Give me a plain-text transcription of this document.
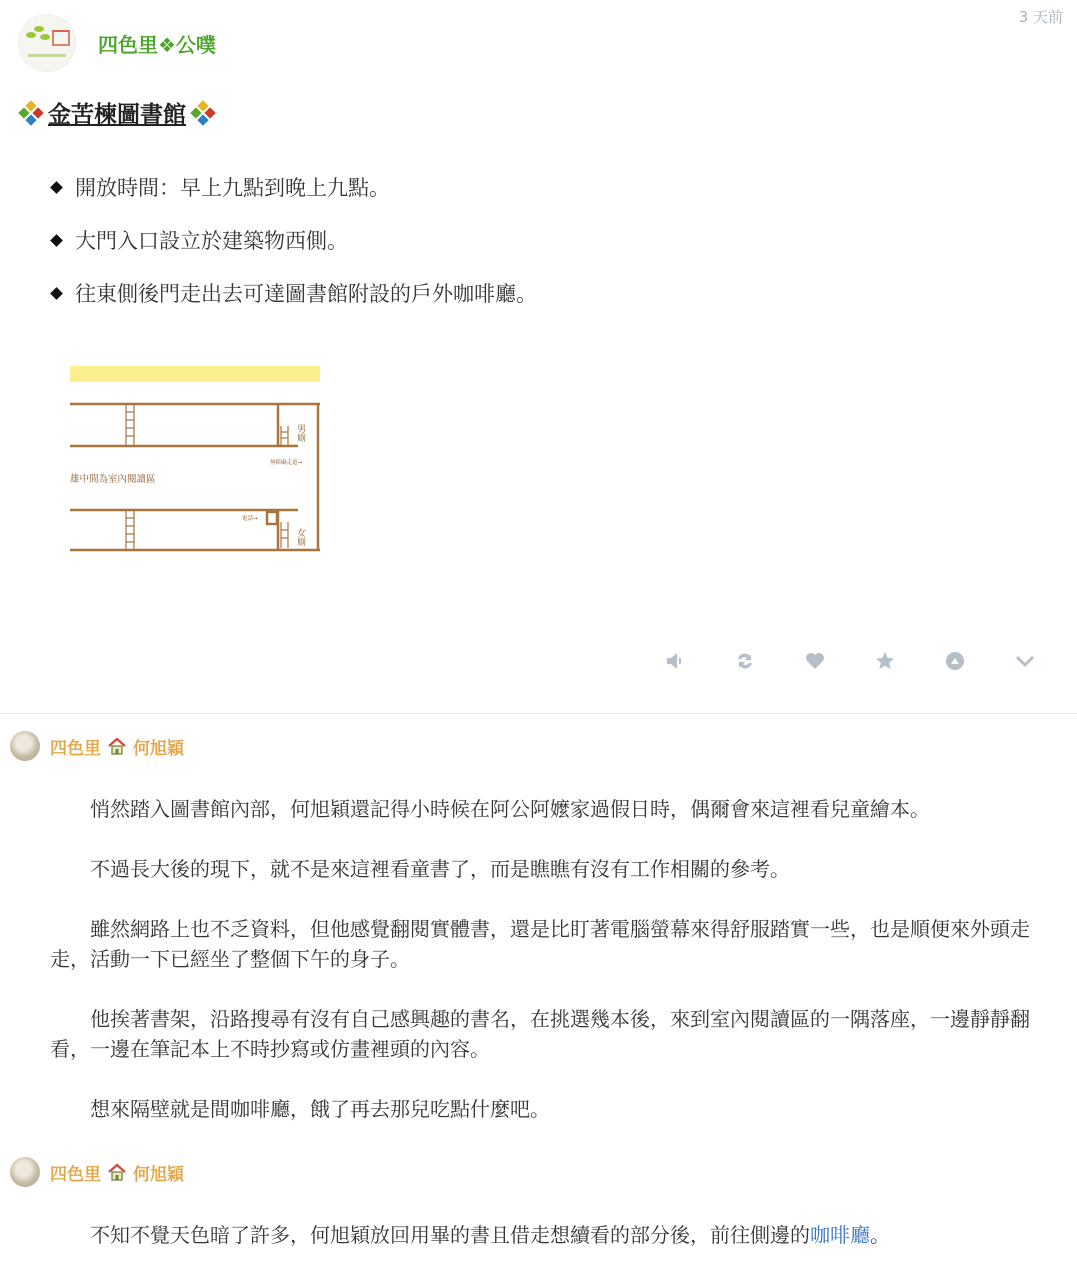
3 天前
四色里❖公噗
金苦楝圖書館
開放時間：早上九點到晚上九點。
大門入口設立於建築物西側。
往東側後門走出去可達圖書館附設的戶外咖啡廳。
雄中間為室內閱讀區
無障礙走道→
電話→
男廁
女廁
四色里 何旭穎

悄然踏入圖書館內部，何旭穎還記得小時候在阿公阿嬤家過假日時，偶爾會來這裡看兒童繪本。

不過長大後的現下，就不是來這裡看童書了，而是瞧瞧有沒有工作相關的參考。

雖然網路上也不乏資料，但他感覺翻閱實體書，還是比盯著電腦螢幕來得舒服踏實一些，也是順便來外頭走走，活動一下已經坐了整個下午的身子。

他挨著書架，沿路搜尋有沒有自己感興趣的書名，在挑選幾本後，來到室內閱讀區的一隅落座，一邊靜靜翻看，一邊在筆記本上不時抄寫或仿畫裡頭的內容。

想來隔壁就是間咖啡廳，餓了再去那兒吃點什麼吧。

四色里 何旭穎

不知不覺天色暗了許多，何旭穎放回用畢的書且借走想續看的部分後，前往側邊的咖啡廳。
